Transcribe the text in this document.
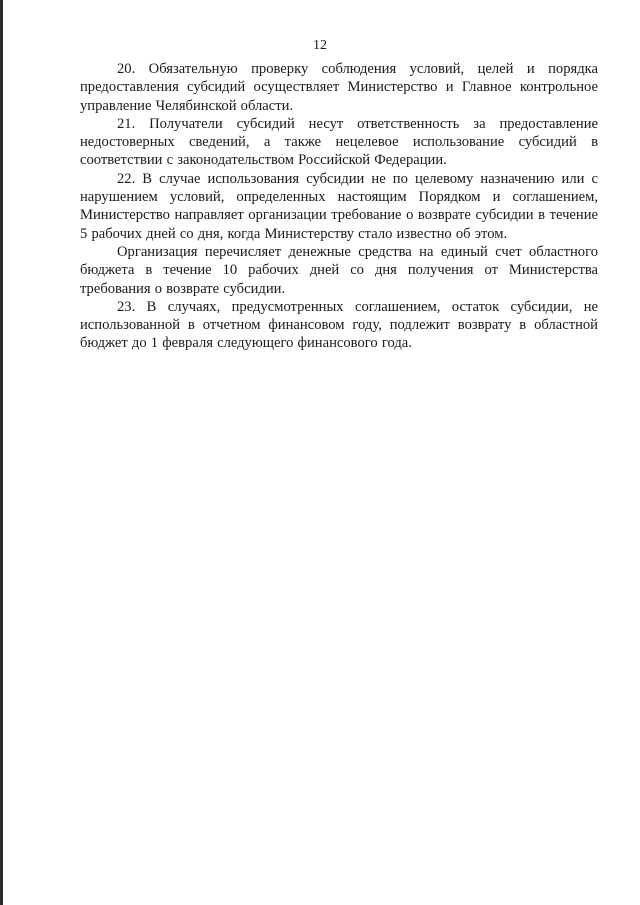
12

20. Обязательную проверку соблюдения условий, целей и порядка предоставления субсидий осуществляет Министерство и Главное контрольное управление Челябинской области.

21. Получатели субсидий несут ответственность за предоставление недостоверных сведений, а также нецелевое использование субсидий в соответствии с законодательством Российской Федерации.

22. В случае использования субсидии не по целевому назначению или с нарушением условий, определенных настоящим Порядком и соглашением, Министерство направляет организации требование о возврате субсидии в течение 5 рабочих дней со дня, когда Министерству стало известно об этом.

Организация перечисляет денежные средства на единый счет областного бюджета в течение 10 рабочих дней со дня получения от Министерства требования о возврате субсидии.

23. В случаях, предусмотренных соглашением, остаток субсидии, не использованной в отчетном финансовом году, подлежит возврату в областной бюджет до 1 февраля следующего финансового года.
